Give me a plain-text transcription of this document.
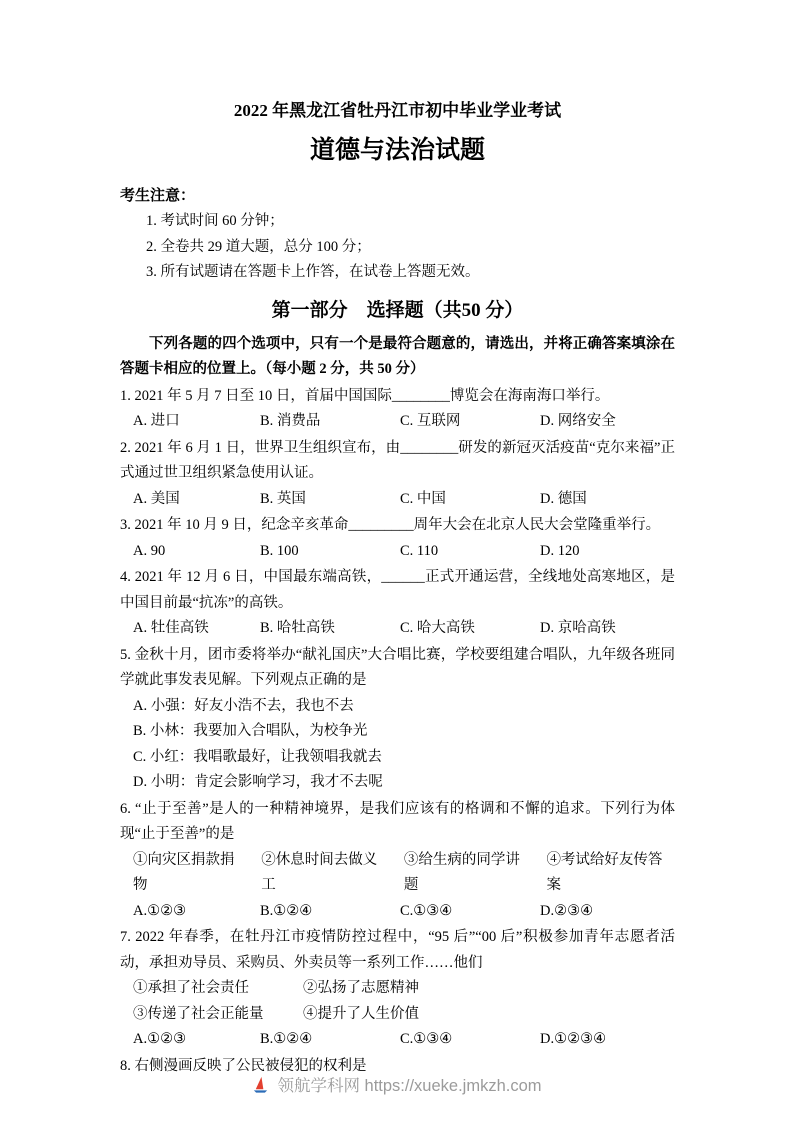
2022 年黑龙江省牡丹江市初中毕业学业考试
道德与法治试题
考生注意：
1. 考试时间 60 分钟；
2. 全卷共 29 道大题，总分 100 分；
3. 所有试题请在答题卡上作答，在试卷上答题无效。
第一部分　选择题（共50 分）

下列各题的四个选项中，只有一个是最符合题意的，请选出，并将正确答案填涂在答题卡相应的位置上。（每小题 2 分，共 50 分）

1. 2021 年 5 月 7 日至 10 日，首届中国国际________博览会在海南海口举行。

A. 进口	B. 消费品	C. 互联网	D. 网络安全

2. 2021 年 6 月 1 日，世界卫生组织宣布，由________研发的新冠灭活疫苗“克尔来福”正式通过世卫组织紧急使用认证。

A. 美国	B. 英国	C. 中国	D. 德国

3. 2021 年 10 月 9 日，纪念辛亥革命_________周年大会在北京人民大会堂隆重举行。

A. 90	B. 100	C. 110	D. 120

4. 2021 年 12 月 6 日，中国最东端高铁，______正式开通运营，全线地处高寒地区，是中国目前最“抗冻”的高铁。

A. 牡佳高铁	B. 哈牡高铁	C. 哈大高铁	D. 京哈高铁

5. 金秋十月，团市委将举办“献礼国庆”大合唱比赛，学校要组建合唱队，九年级各班同学就此事发表见解。下列观点正确的是

A. 小强：好友小浩不去，我也不去
B. 小林：我要加入合唱队，为校争光
C. 小红：我唱歌最好，让我领唱我就去
D. 小明：肯定会影响学习，我才不去呢

6. “止于至善”是人的一种精神境界，是我们应该有的格调和不懈的追求。下列行为体现“止于至善”的是

①向灾区捐款捐物
②休息时间去做义工
③给生病的同学讲题
④考试给好友传答案
A.①②③	B.①②④	C.①③④	D.②③④

7. 2022 年春季，在牡丹江市疫情防控过程中，“95 后”“00 后”积极参加青年志愿者活动，承担劝导员、采购员、外卖员等一系列工作……他们

①承担了社会责任	②弘扬了志愿精神
③传递了社会正能量	④提升了人生价值
A.①②③	B.①②④	C.①③④	D.①②③④

8. 右侧漫画反映了公民被侵犯的权利是

领航学科网 https://xueke.jmkzh.com
